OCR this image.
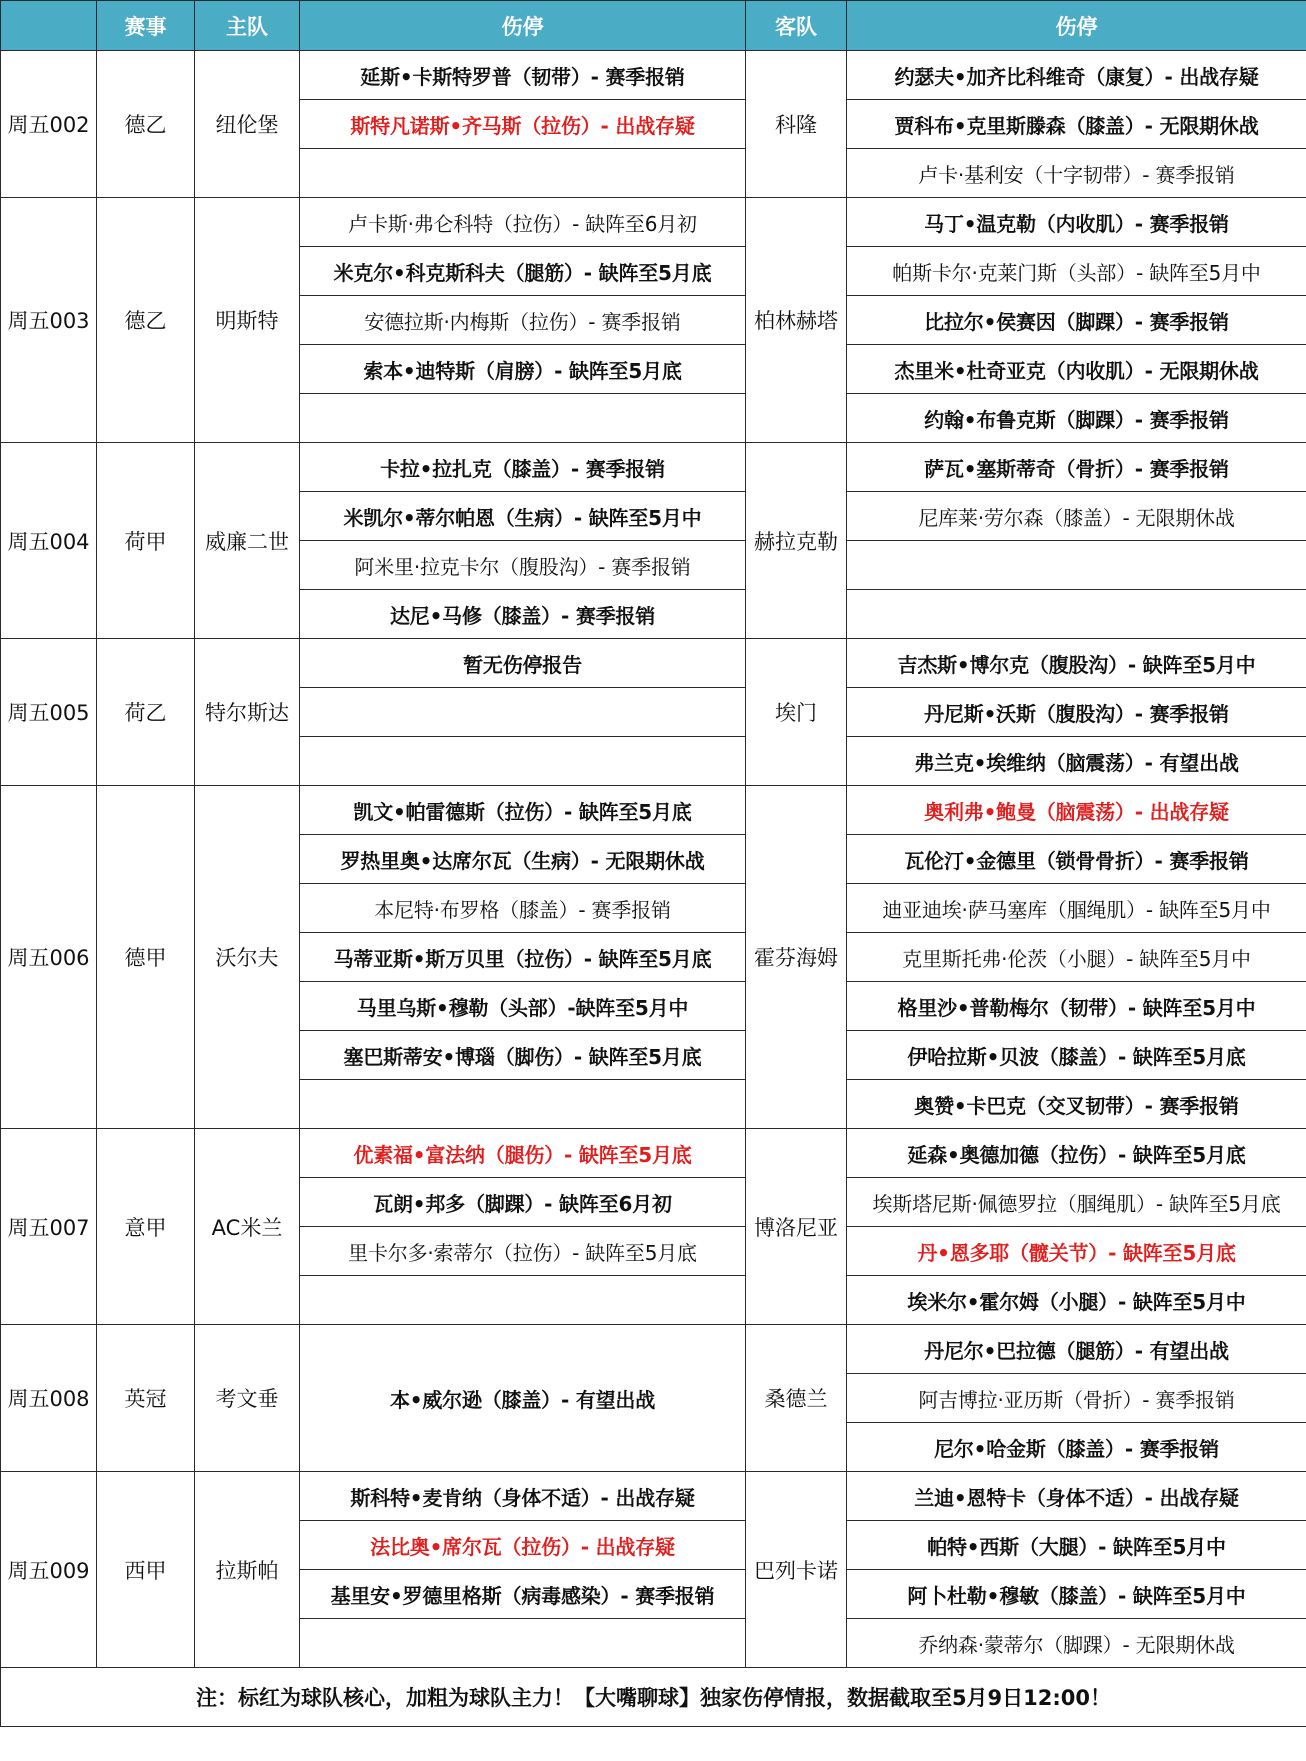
	赛事	主队	伤停	客队	伤停
周五002	德乙	纽伦堡	延斯•卡斯特罗普（韧带）- 赛季报销	科隆	约瑟夫•加齐比科维奇（康复）- 出战存疑
			斯特凡诺斯•齐马斯（拉伤）- 出战存疑		贾科布•克里斯滕森（膝盖）- 无限期休战
					卢卡·基利安（十字韧带）- 赛季报销
周五003	德乙	明斯特	卢卡斯·弗仑科特（拉伤）- 缺阵至6月初	柏林赫塔	马丁•温克勒（内收肌）- 赛季报销
			米克尔•科克斯科夫（腿筋）- 缺阵至5月底		帕斯卡尔·克莱门斯（头部）- 缺阵至5月中
			安德拉斯·内梅斯（拉伤）- 赛季报销		比拉尔•侯赛因（脚踝）- 赛季报销
			索本•迪特斯（肩膀）- 缺阵至5月底		杰里米•杜奇亚克（内收肌）- 无限期休战
					约翰•布鲁克斯（脚踝）- 赛季报销
周五004	荷甲	威廉二世	卡拉•拉扎克（膝盖）- 赛季报销	赫拉克勒	萨瓦•塞斯蒂奇（骨折）- 赛季报销
			米凯尔•蒂尔帕恩（生病）- 缺阵至5月中		尼库莱·劳尔森（膝盖）- 无限期休战
			阿米里·拉克卡尔（腹股沟）- 赛季报销		
			达尼•马修（膝盖）- 赛季报销		
周五005	荷乙	特尔斯达	暂无伤停报告	埃门	吉杰斯•博尔克（腹股沟）- 缺阵至5月中
					丹尼斯•沃斯（腹股沟）- 赛季报销
					弗兰克•埃维纳（脑震荡）- 有望出战
周五006	德甲	沃尔夫	凯文•帕雷德斯（拉伤）- 缺阵至5月底	霍芬海姆	奥利弗•鲍曼（脑震荡）- 出战存疑
			罗热里奥•达席尔瓦（生病）- 无限期休战		瓦伦汀•金德里（锁骨骨折）- 赛季报销
			本尼特·布罗格（膝盖）- 赛季报销		迪亚迪埃·萨马塞库（腘绳肌）- 缺阵至5月中
			马蒂亚斯•斯万贝里（拉伤）- 缺阵至5月底		克里斯托弗·伦茨（小腿）- 缺阵至5月中
			马里乌斯•穆勒（头部）-缺阵至5月中		格里沙•普勒梅尔（韧带）- 缺阵至5月中
			塞巴斯蒂安•博瑙（脚伤）- 缺阵至5月底		伊哈拉斯•贝波（膝盖）- 缺阵至5月底
					奥赞•卡巴克（交叉韧带）- 赛季报销
周五007	意甲	AC米兰	优素福•富法纳（腿伤）- 缺阵至5月底	博洛尼亚	延森•奥德加德（拉伤）- 缺阵至5月底
			瓦朗•邦多（脚踝）- 缺阵至6月初		埃斯塔尼斯·佩德罗拉（腘绳肌）- 缺阵至5月底
			里卡尔多·索蒂尔（拉伤）- 缺阵至5月底		丹•恩多耶（髋关节）- 缺阵至5月底
					埃米尔•霍尔姆（小腿）- 缺阵至5月中
周五008	英冠	考文垂	本•威尔逊（膝盖）- 有望出战	桑德兰	丹尼尔•巴拉德（腿筋）- 有望出战
					阿吉博拉·亚历斯（骨折）- 赛季报销
					尼尔•哈金斯（膝盖）- 赛季报销
周五009	西甲	拉斯帕	斯科特•麦肯纳（身体不适）- 出战存疑	巴列卡诺	兰迪•恩特卡（身体不适）- 出战存疑
			法比奥•席尔瓦（拉伤）- 出战存疑		帕特•西斯（大腿）- 缺阵至5月中
			基里安•罗德里格斯（病毒感染）- 赛季报销		阿卜杜勒•穆敏（膝盖）- 缺阵至5月中
					乔纳森·蒙蒂尔（脚踝）- 无限期休战
注：标红为球队核心，加粗为球队主力！【大嘴聊球】独家伤停情报，数据截取至5月9日12:00！					
